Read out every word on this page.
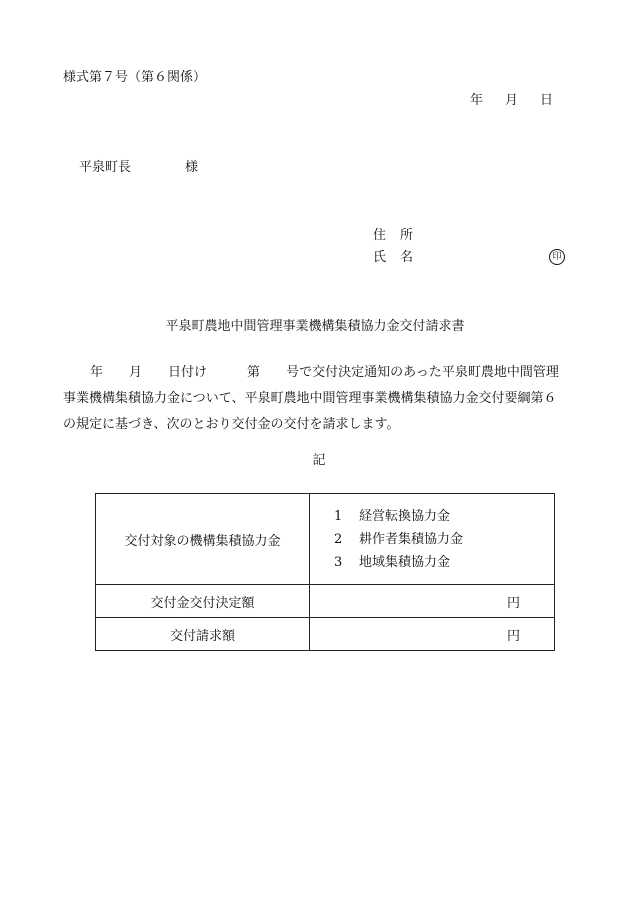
様式第７号（第６関係）
年 月 日
平泉町長	様
住 所
氏 名	印
平泉町農地中間管理事業機構集積協力金交付請求書
年 月 日付け	第 号で交付決定通知のあった平泉町農地中間管理
事業機構集積協力金について、平泉町農地中間管理事業機構集積協力金交付要綱第６
の規定に基づき、次のとおり交付金の交付を請求します。
記
交付対象の機構集積協力金	1 経営転換協力金
2 耕作者集積協力金
3 地域集積協力金

交付金交付決定額	円
交付請求額	円
